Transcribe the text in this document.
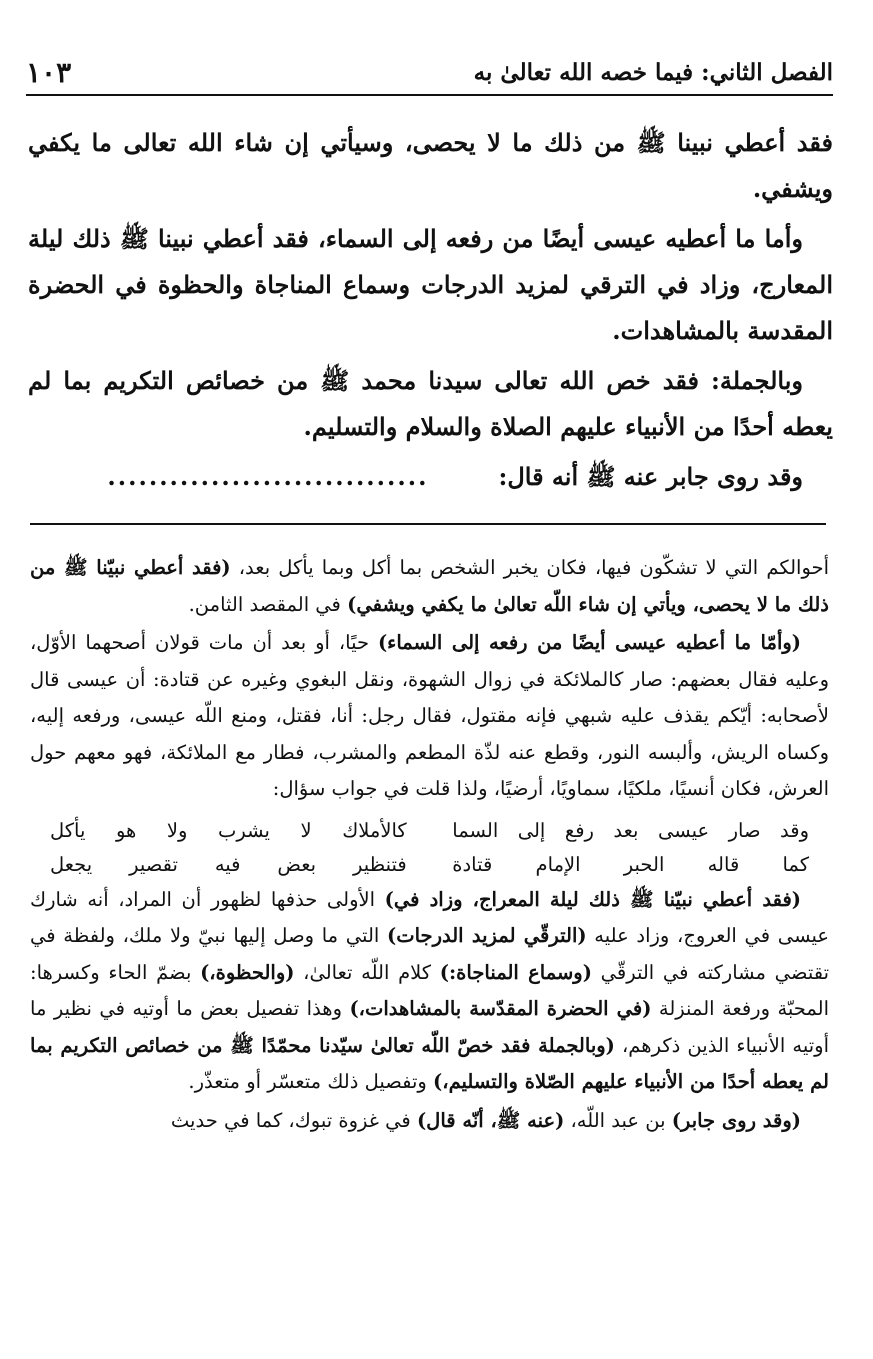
الفصل الثاني: فيما خصه الله تعالىٰ به
١٠٣

فقد أعطي نبينا ﷺ من ذلك ما لا يحصى، وسيأتي إن شاء الله تعالى ما يكفي ويشفي.

وأما ما أعطيه عيسى أيضًا من رفعه إلى السماء، فقد أعطي نبينا ﷺ ذلك ليلة المعارج، وزاد في الترقي لمزيد الدرجات وسماع المناجاة والحظوة في الحضرة المقدسة بالمشاهدات.

وبالجملة: فقد خص الله تعالى سيدنا محمد ﷺ من خصائص التكريم بما لم يعطه أحدًا من الأنبياء عليهم الصلاة والسلام والتسليم.

وقد روى جابر عنه ﷺ أنه قال:...............................

أحوالكم التي لا تشكّون فيها، فكان يخبر الشخص بما أكل وبما يأكل بعد، (فقد أعطي نبيّنا ﷺ من ذلك ما لا يحصى، ويأتي إن شاء اللّه تعالىٰ ما يكفي ويشفي) في المقصد الثامن.

(وأمّا ما أعطيه عيسى أيضًا من رفعه إلى السماء) حيًا، أو بعد أن مات قولان أصحهما الأوّل، وعليه فقال بعضهم: صار كالملائكة في زوال الشهوة، ونقل البغوي وغيره عن قتادة: أن عيسى قال لأصحابه: أيّكم يقذف عليه شبهي فإنه مقتول، فقال رجل: أنا، فقتل، ومنع اللّه عيسى، ورفعه إليه، وكساه الريش، وألبسه النور، وقطع عنه لذّة المطعم والمشرب، فطار مع الملائكة، فهو معهم حول العرش، فكان أنسيًا، ملكيًا، سماويًا، أرضيًا، ولذا قلت في جواب سؤال:

وقد صار عيسى بعد رفع إلى السما
كالأملاك لا يشرب ولا هو يأكل
كما قاله الحبر الإمام قتادة
فتنظير بعض فيه تقصير يجعل

(فقد أعطي نبيّنا ﷺ ذلك ليلة المعراج، وزاد في) الأولى حذفها لظهور أن المراد، أنه شارك عيسى في العروج، وزاد عليه (الترقّي لمزيد الدرجات) التي ما وصل إليها نبيّ ولا ملك، ولفظة في تقتضي مشاركته في الترقّي (وسماع المناجاة:) كلام اللّه تعالىٰ، (والحظوة،) بضمّ الحاء وكسرها: المحبّة ورفعة المنزلة (في الحضرة المقدّسة بالمشاهدات،) وهذا تفصيل بعض ما أوتيه في نظير ما أوتيه الأنبياء الذين ذكرهم، (وبالجملة فقد خصّ اللّه تعالىٰ سيّدنا محمّدًا ﷺ من خصائص التكريم بما لم يعطه أحدًا من الأنبياء عليهم الصّلاة والتسليم،) وتفصيل ذلك متعسّر أو متعذّر.

(وقد روى جابر) بن عبد اللّه، (عنه ﷺ، أنّه قال) في غزوة تبوك، كما في حديث
